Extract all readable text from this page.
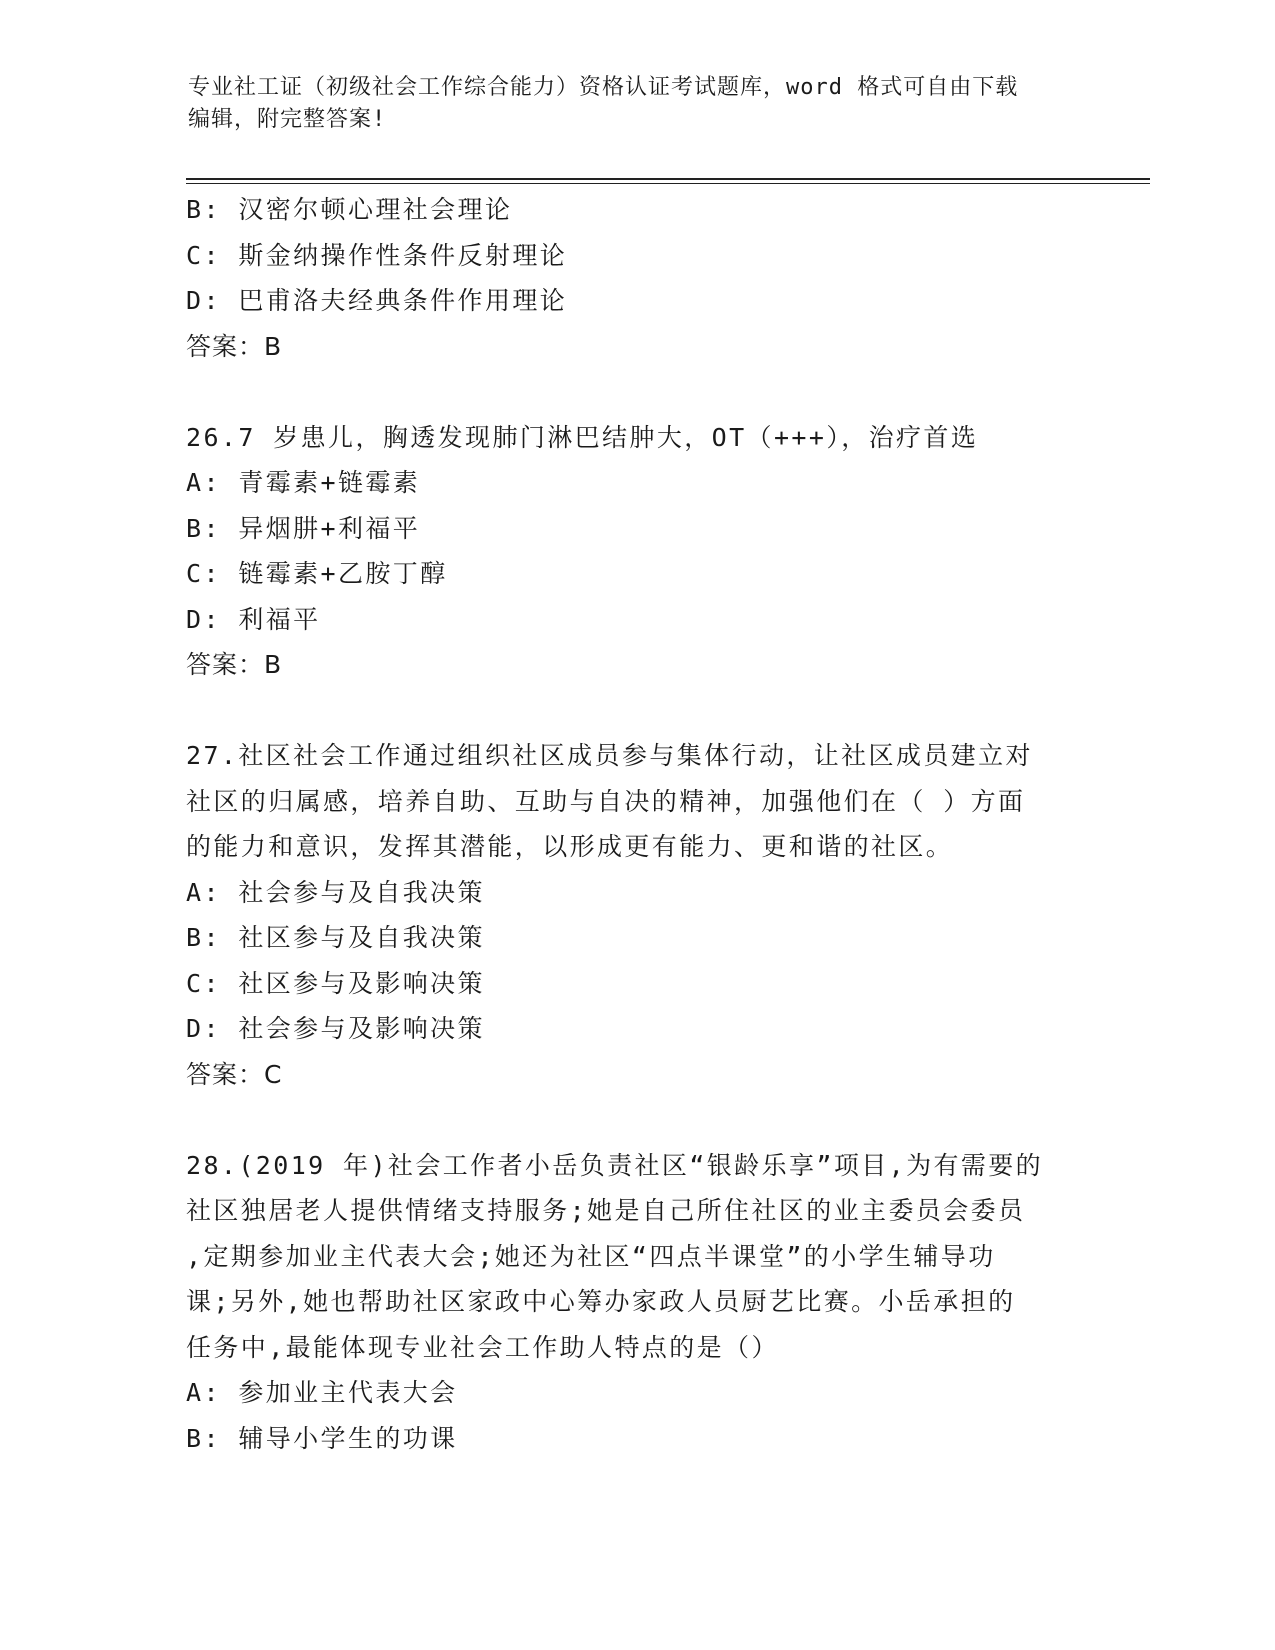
专业社工证（初级社会工作综合能力）资格认证考试题库，word 格式可自由下载
编辑，附完整答案!
B: 汉密尔顿心理社会理论
C: 斯金纳操作性条件反射理论
D: 巴甫洛夫经典条件作用理论
答案：B
26.7 岁患儿，胸透发现肺门淋巴结肿大，OT（+++），治疗首选
A: 青霉素+链霉素
B: 异烟肼+利福平
C: 链霉素+乙胺丁醇
D: 利福平
答案：B
27.社区社会工作通过组织社区成员参与集体行动，让社区成员建立对
社区的归属感，培养自助、互助与自决的精神，加强他们在（ ）方面
的能力和意识，发挥其潜能，以形成更有能力、更和谐的社区。
A: 社会参与及自我决策
B: 社区参与及自我决策
C: 社区参与及影响决策
D: 社会参与及影响决策
答案：C
28.(2019 年)社会工作者小岳负责社区“银龄乐享”项目,为有需要的
社区独居老人提供情绪支持服务;她是自己所住社区的业主委员会委员
,定期参加业主代表大会;她还为社区“四点半课堂”的小学生辅导功
课;另外,她也帮助社区家政中心筹办家政人员厨艺比赛。小岳承担的
任务中,最能体现专业社会工作助人特点的是（）
A: 参加业主代表大会
B: 辅导小学生的功课
